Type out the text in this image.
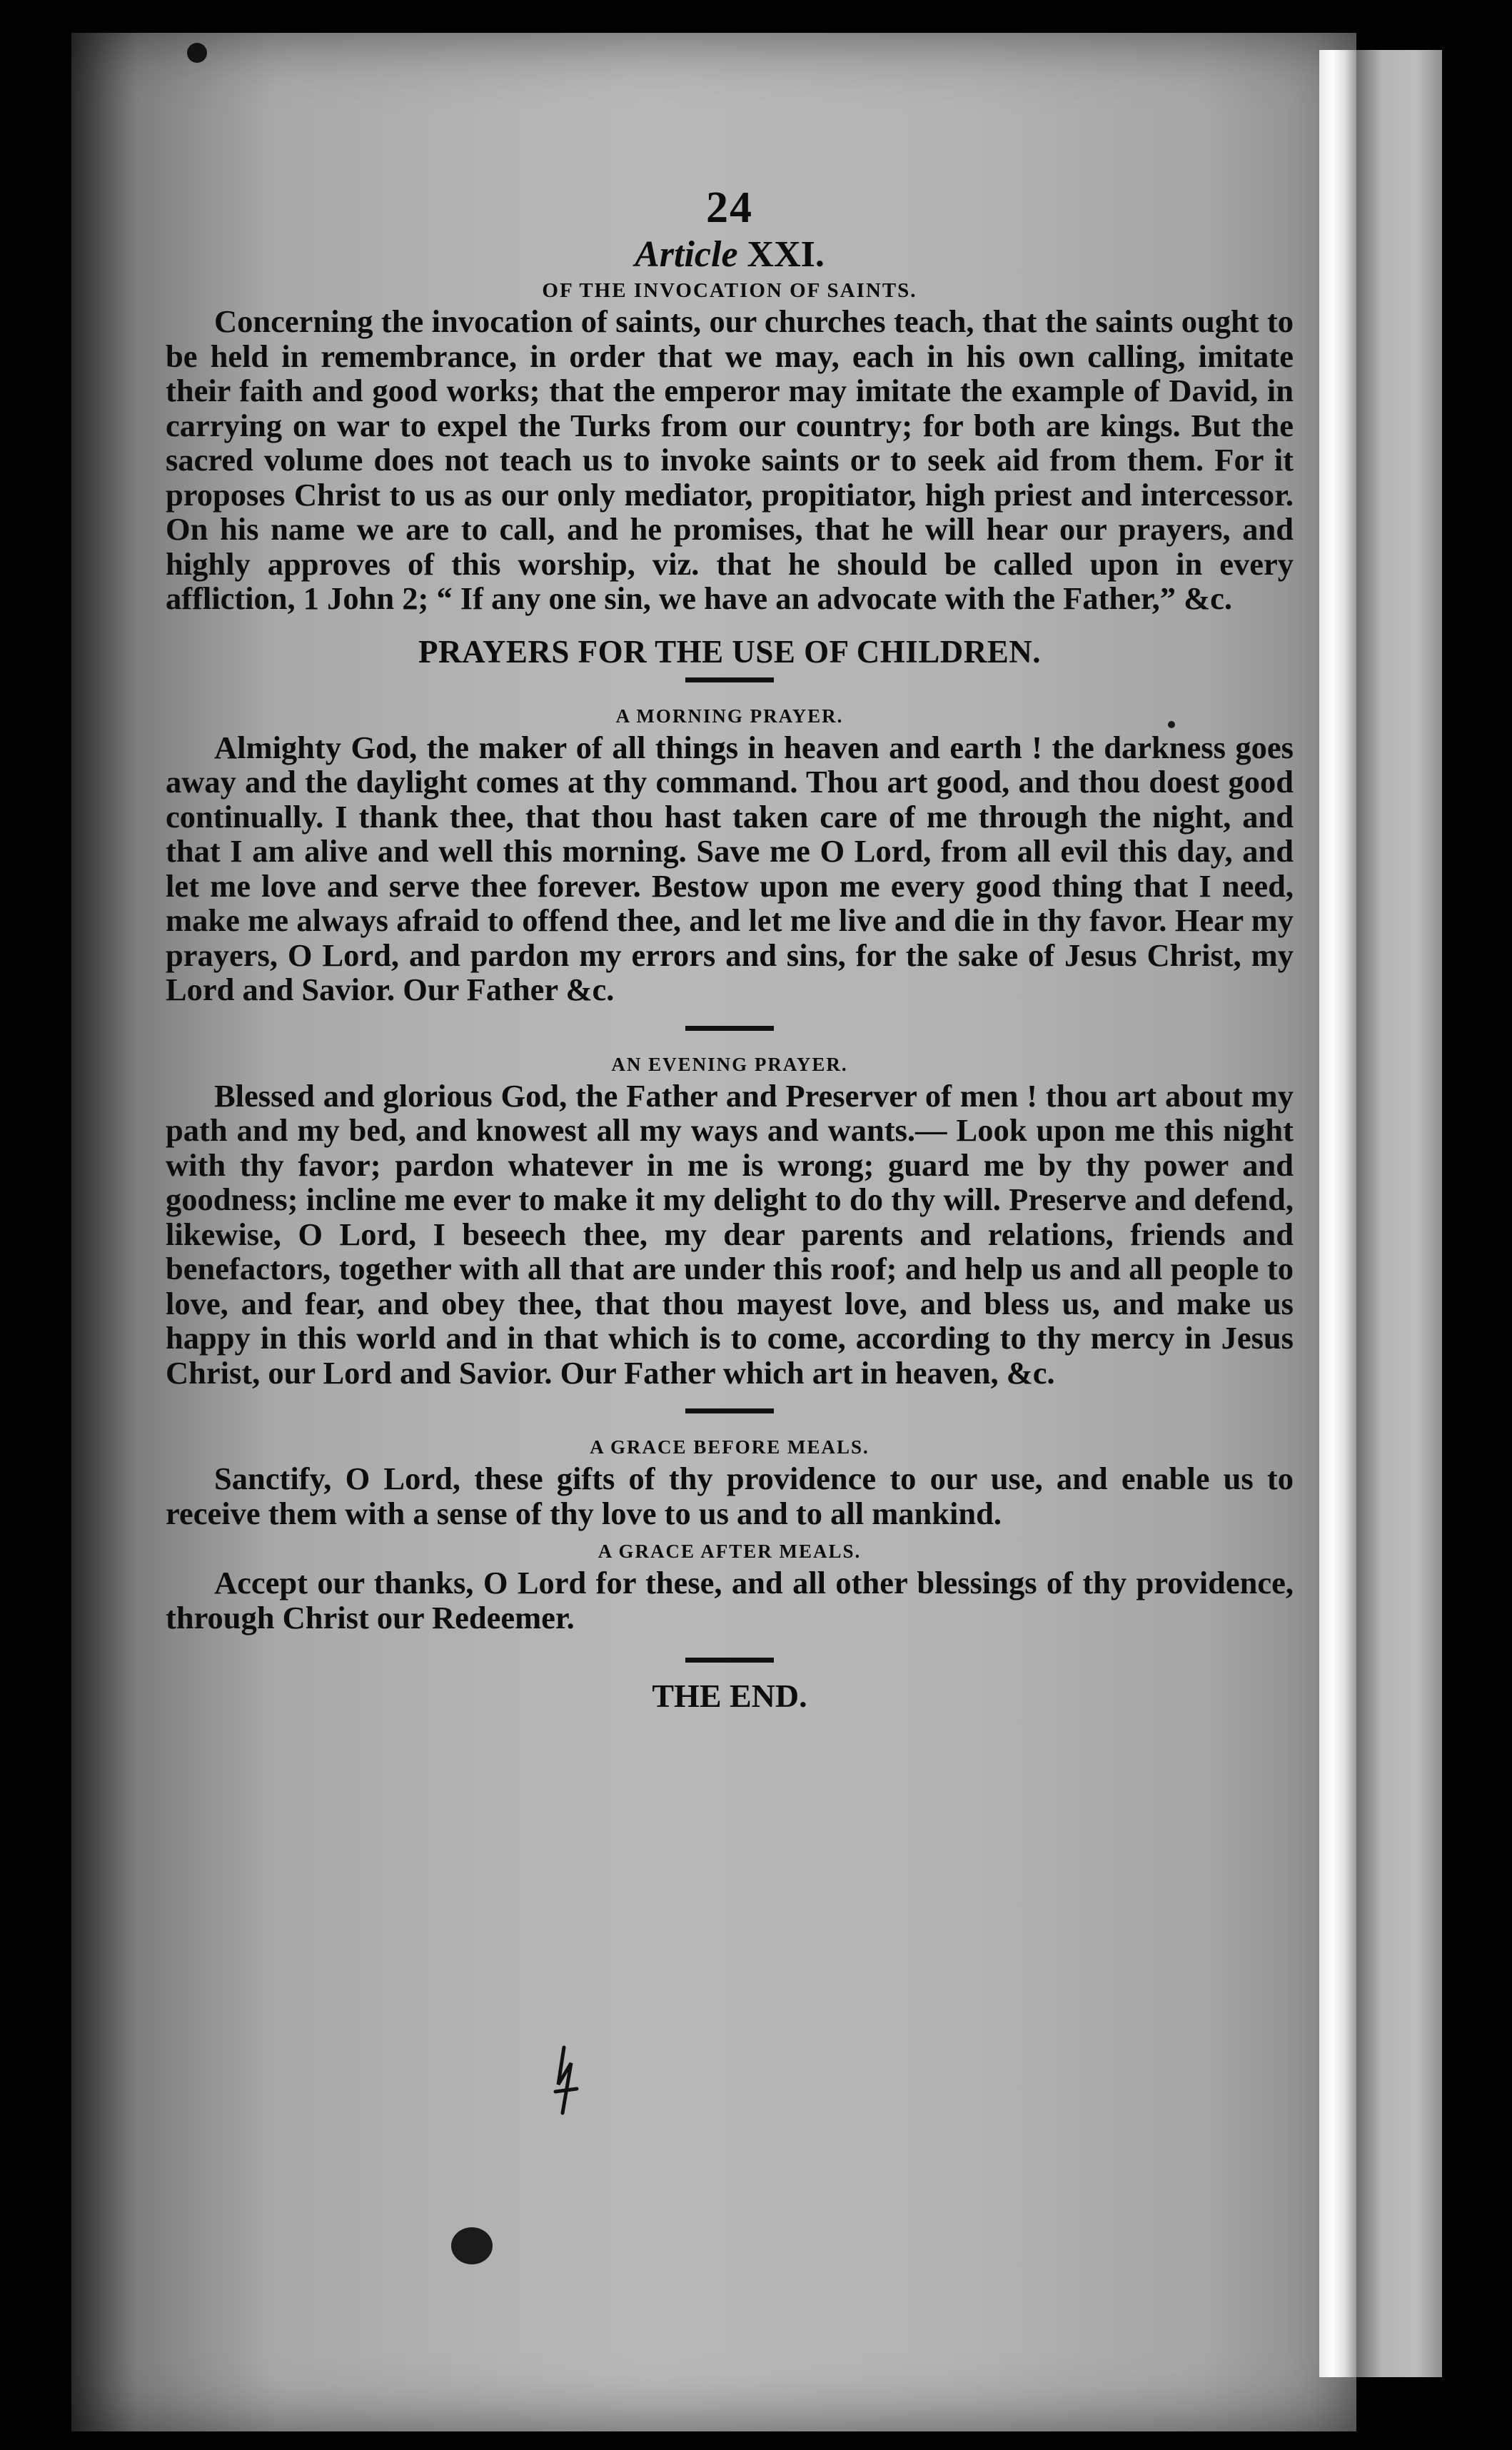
24
Article XXI.
OF THE INVOCATION OF SAINTS.

Concerning the invocation of saints, our churches teach, that the saints ought to be held in remembrance, in order that we may, each in his own calling, imitate their faith and good works; that the emperor may imitate the example of David, in carrying on war to expel the Turks from our country; for both are kings. But the sacred volume does not teach us to invoke saints or to seek aid from them. For it proposes Christ to us as our only mediator, propitiator, high priest and intercessor. On his name we are to call, and he promises, that he will hear our prayers, and highly approves of this worship, viz. that he should be called upon in every affliction, 1 John 2; “ If any one sin, we have an advocate with the Father,” &c.

PRAYERS FOR THE USE OF CHILDREN.
A MORNING PRAYER.

Almighty God, the maker of all things in heaven and earth ! the darkness goes away and the daylight comes at thy command. Thou art good, and thou doest good continually. I thank thee, that thou hast taken care of me through the night, and that I am alive and well this morning. Save me O Lord, from all evil this day, and let me love and serve thee forever. Bestow upon me every good thing that I need, make me always afraid to offend thee, and let me live and die in thy favor. Hear my prayers, O Lord, and pardon my errors and sins, for the sake of Jesus Christ, my Lord and Savior. Our Father &c.

AN EVENING PRAYER.

Blessed and glorious God, the Father and Preserver of men ! thou art about my path and my bed, and knowest all my ways and wants.— Look upon me this night with thy favor; pardon whatever in me is wrong; guard me by thy power and goodness; incline me ever to make it my delight to do thy will. Preserve and defend, likewise, O Lord, I beseech thee, my dear parents and relations, friends and benefactors, together with all that are under this roof; and help us and all people to love, and fear, and obey thee, that thou mayest love, and bless us, and make us happy in this world and in that which is to come, according to thy mercy in Jesus Christ, our Lord and Savior. Our Father which art in heaven, &c.

A GRACE BEFORE MEALS.

Sanctify, O Lord, these gifts of thy providence to our use, and enable us to receive them with a sense of thy love to us and to all mankind.

A GRACE AFTER MEALS.

Accept our thanks, O Lord for these, and all other blessings of thy providence, through Christ our Redeemer.

THE END.
